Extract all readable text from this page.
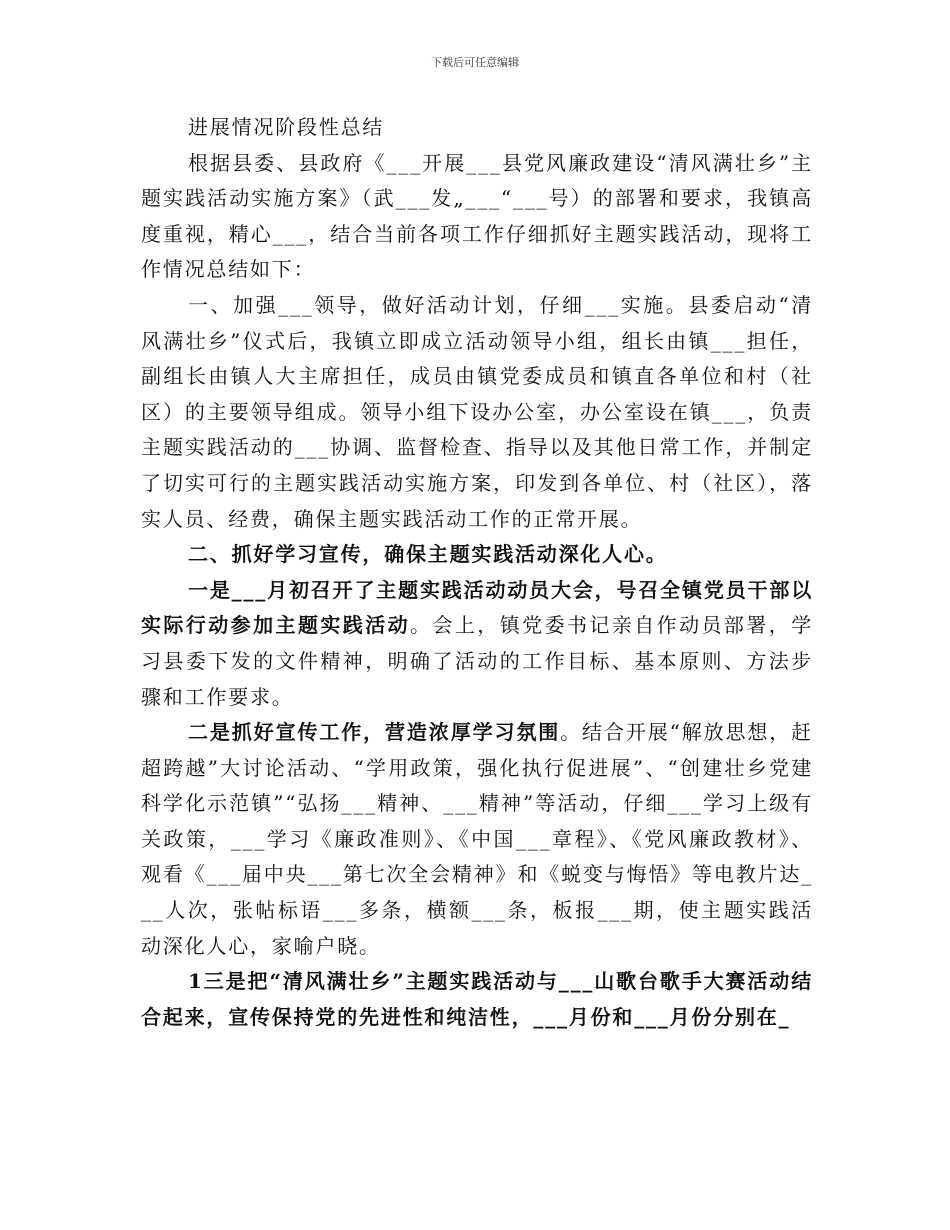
下载后可任意编辑

进展情况阶段性总结

根据县委、县政府《___开展___县党风廉政建设“清风满壮乡”主题实践活动实施方案》（武___发„___“___号）的部署和要求，我镇高度重视，精心___，结合当前各项工作仔细抓好主题实践活动，现将工作情况总结如下：

一、加强___领导，做好活动计划，仔细___实施。县委启动“清风满壮乡”仪式后，我镇立即成立活动领导小组，组长由镇___担任，副组长由镇人大主席担任，成员由镇党委成员和镇直各单位和村（社区）的主要领导组成。领导小组下设办公室，办公室设在镇___，负责主题实践活动的___协调、监督检查、指导以及其他日常工作，并制定了切实可行的主题实践活动实施方案，印发到各单位、村（社区），落实人员、经费，确保主题实践活动工作的正常开展。

二、抓好学习宣传，确保主题实践活动深化人心。

一是___月初召开了主题实践活动动员大会，号召全镇党员干部以实际行动参加主题实践活动。会上，镇党委书记亲自作动员部署，学习县委下发的文件精神，明确了活动的工作目标、基本原则、方法步骤和工作要求。

二是抓好宣传工作，营造浓厚学习氛围。结合开展“解放思想，赶超跨越”大讨论活动、“学用政策，强化执行促进展”、“创建壮乡党建科学化示范镇”“弘扬___精神、___精神”等活动，仔细___学习上级有关政策，___学习《廉政准则》、《中国___章程》、《党风廉政教材》、观看《___届中央___第七次全会精神》和《蜕变与悔悟》等电教片达___人次，张帖标语___多条，横额___条，板报___期，使主题实践活动深化人心，家喻户晓。

1三是把“清风满壮乡”主题实践活动与___山歌台歌手大赛活动结合起来，宣传保持党的先进性和纯洁性，___月份和___月份分别在_
